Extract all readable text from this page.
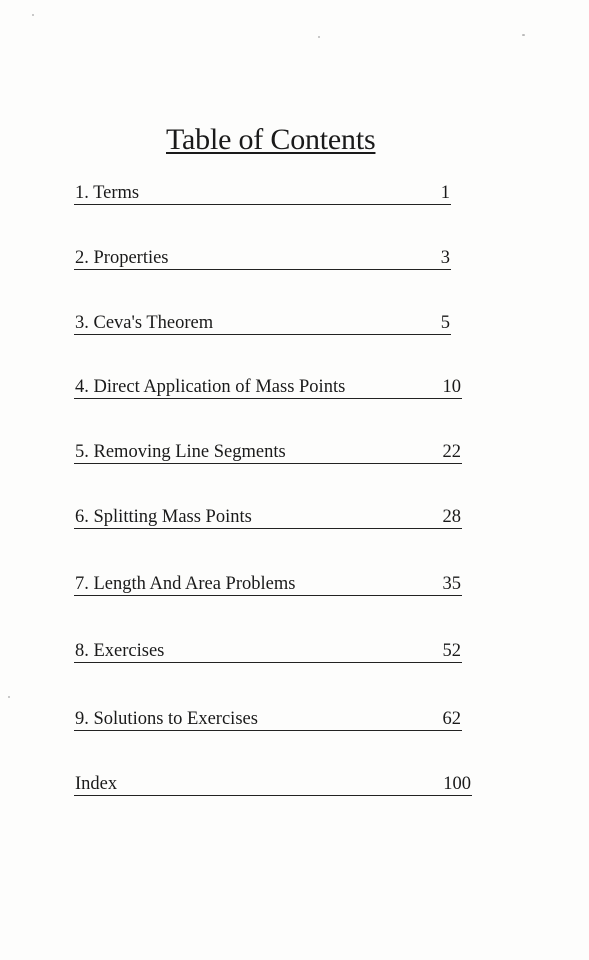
Table of Contents
1. Terms	1
2. Properties	3
3. Ceva's Theorem	5
4. Direct Application of Mass Points	10
5. Removing Line Segments	22
6. Splitting Mass Points	28
7. Length And Area Problems	35
8. Exercises	52
9. Solutions to Exercises	62
Index	100
